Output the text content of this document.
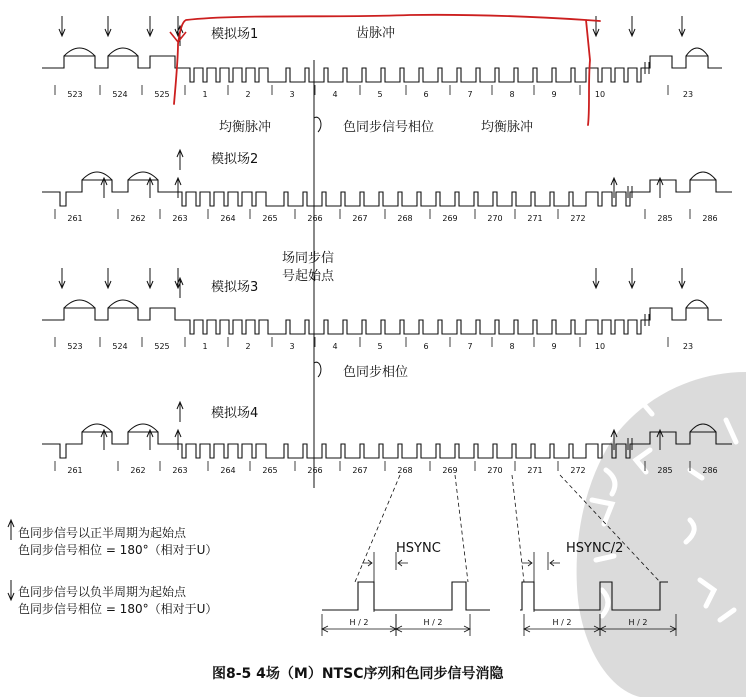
523	524	525	1	2	3	4	5	6	7	8	9	10	23
261	262	263	264	265	266	267	268	269	270	271	272	285	286
523	524	525	1	2	3	4	5	6	7	8	9	10	23
261	262	263	264	265	266	267	268	269	270	271	272	285	286
H / 2	H / 2	H / 2	H / 2
模拟场1
模拟场2
模拟场3
模拟场4
齿脉冲
均衡脉冲	色同步信号相位	均衡脉冲
场同步信
号起始点
色同步相位
色同步信号以正半周期为起始点
色同步信号相位 = 180°（相对于U）
色同步信号以负半周期为起始点
色同步信号相位 = 180°（相对于U）
HSYNC	HSYNC/2
图8-5 4场（M）NTSC序列和色同步信号消隐
